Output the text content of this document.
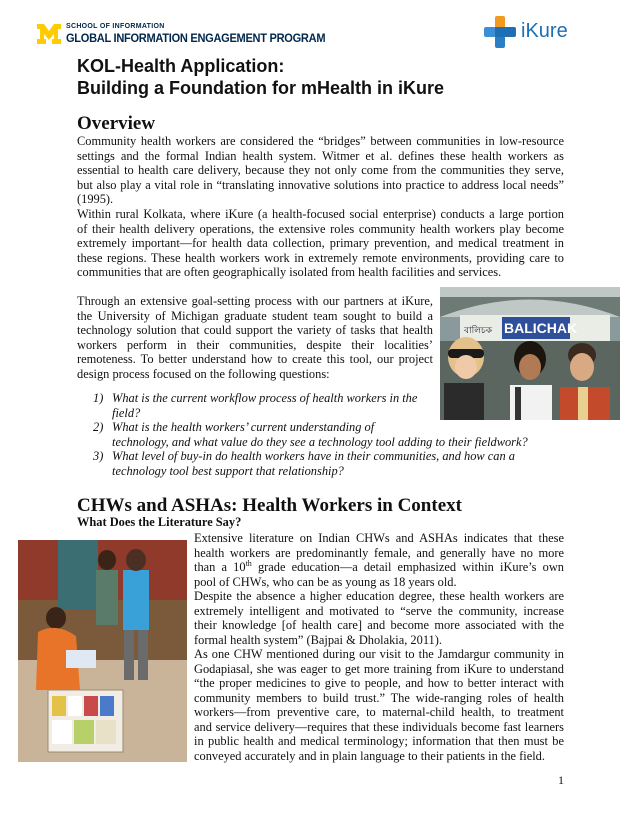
SCHOOL OF INFORMATION
GLOBAL INFORMATION ENGAGEMENT PROGRAM	iKure
KOL-Health Application:
Building a Foundation for mHealth in iKure
Overview
Community health workers are considered the “bridges” between communities in low-resource
settings and the formal Indian health system. Witmer et al. defines these health workers as
essential to health care delivery, because they not only come from the communities they serve,
but also play a vital role in “translating innovative solutions into practice to address local needs”
(1995).
Within rural Kolkata, where iKure (a health-focused social enterprise) conducts a large portion
of their health delivery operations, the extensive roles community health workers play become
extremely important—for health data collection, primary prevention, and medical treatment in
these regions. These health workers work in extremely remote environments, providing care to
communities that are often geographically isolated from health facilities and services.
Through an extensive goal-setting process with our partners at iKure,
the University of Michigan graduate student team sought to build a
technology solution that could support the variety of tasks that health
workers perform in their communities, despite their localities’
remoteness. To better understand how to create this tool, our project
design process focused on the following questions:
1) What is the current workflow process of health workers in the
field?
2) What is the health workers’ current understanding of
technology, and what value do they see a technology tool adding to their fieldwork?
3) What level of buy-in do health workers have in their communities, and how can a
technology tool best support that relationship?
BALICHAK
বালিচক
CHWs and ASHAs: Health Workers in Context
What Does the Literature Say?
Extensive literature on Indian CHWs and ASHAs indicates that these
health workers are predominantly female, and generally have no more
than a 10th grade education—a detail emphasized within iKure’s own
pool of CHWs, who can be as young as 18 years old.
Despite the absence a higher education degree, these health workers are
extremely intelligent and motivated to “serve the community, increase
their knowledge [of health care] and become more associated with the
formal health system” (Bajpai & Dholakia, 2011).
As one CHW mentioned during our visit to the Jamdargur community in
Godapiasal, she was eager to get more training from iKure to understand
“the proper medicines to give to people, and how to better interact with
community members to build trust.” The wide-ranging roles of health
workers—from preventive care, to maternal-child health, to treatment
and service delivery—requires that these individuals become fast learners
in public health and medical terminology; information that then must be
conveyed accurately and in plain language to their patients in the field.
1
